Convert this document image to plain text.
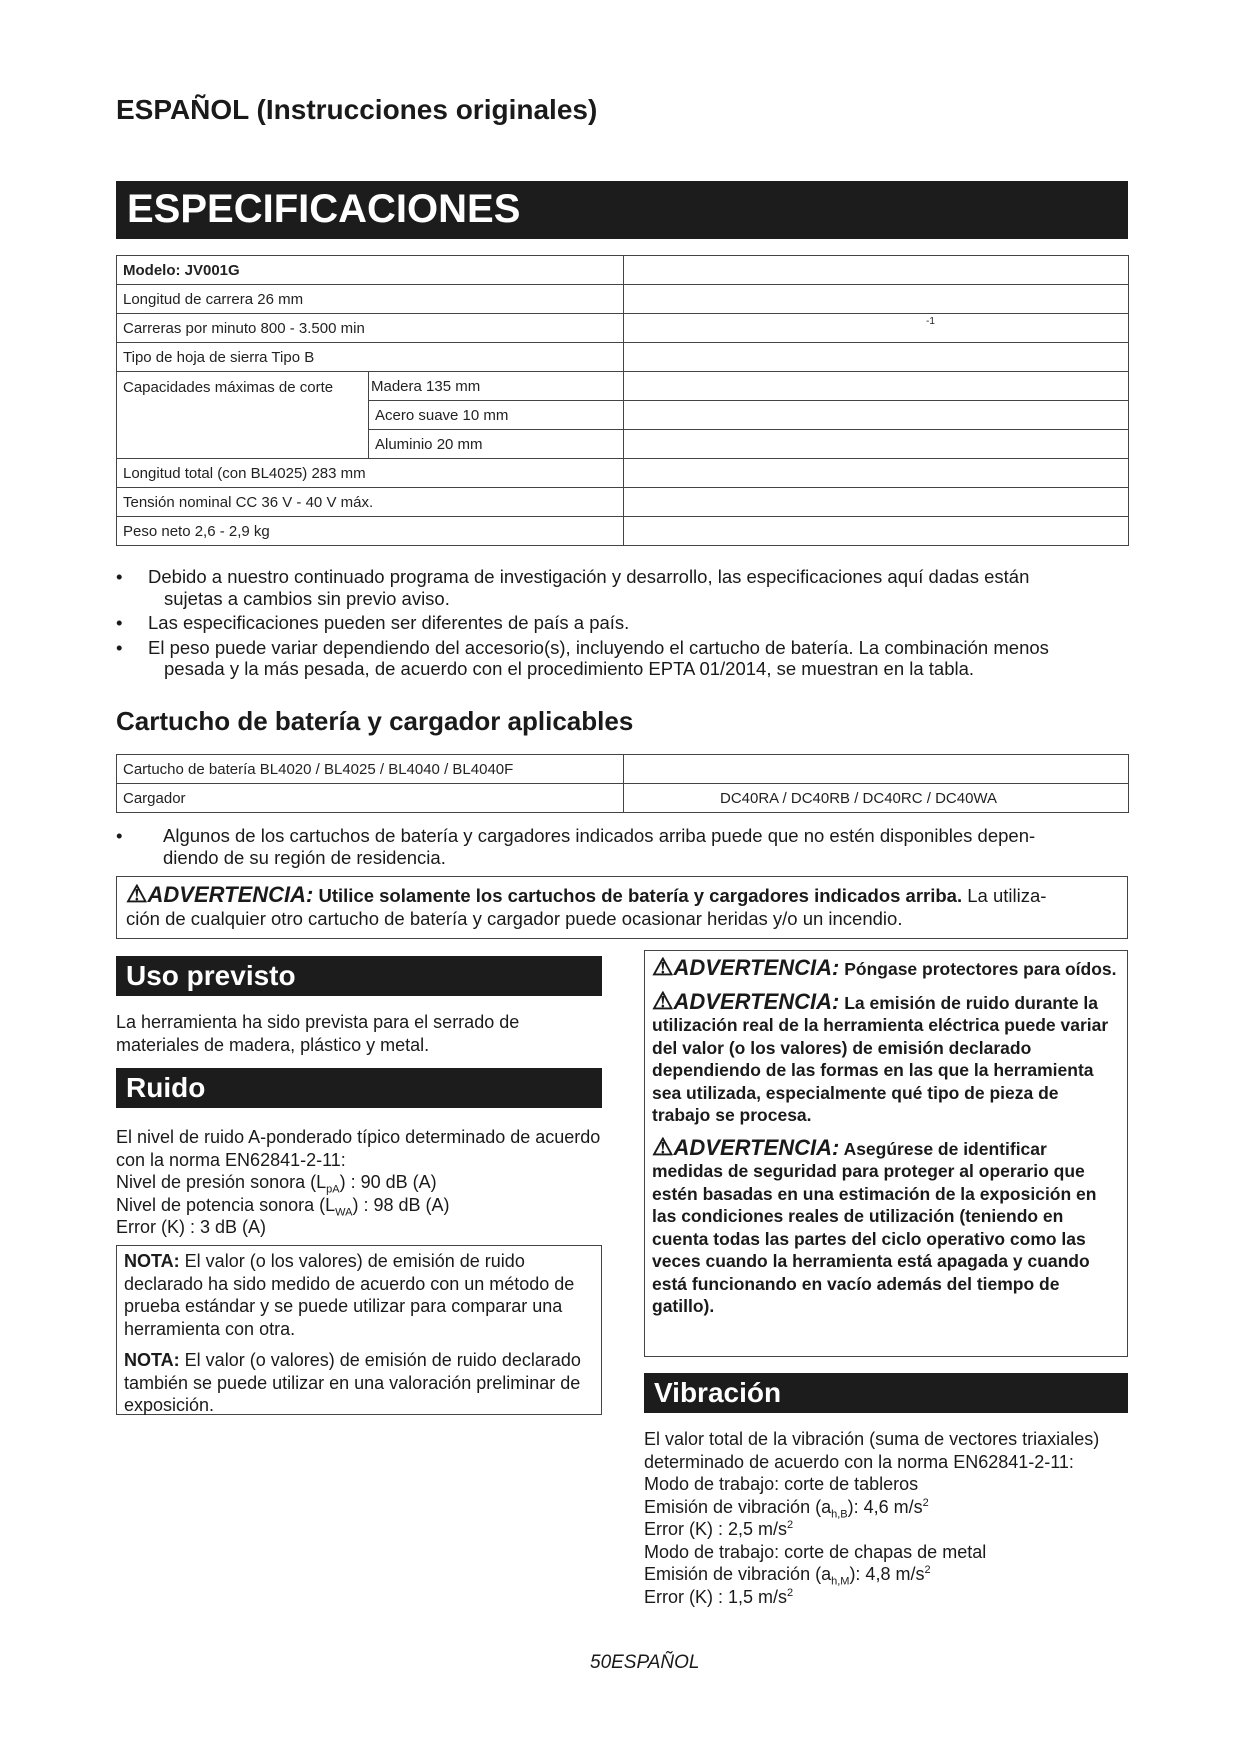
ESPAÑOL (Instrucciones originales)
ESPECIFICACIONES
Modelo: JV001G		
Longitud de carrera 26 mm		
Carreras por minuto 800 - 3.500 min		-1

Tipo de hoja de sierra Tipo B		
Capacidades máximas de corte	Madera 135 mm	
	Acero suave 10 mm	
	Aluminio 20 mm	
Longitud total (con BL4025) 283 mm		
Tensión nominal CC 36 V - 40 V máx.		
Peso neto 2,6 - 2,9 kg		
• Debido a nuestro continuado programa de investigación y desarrollo, las especificaciones aquí dadas están
sujetas a cambios sin previo aviso.
• Las especificaciones pueden ser diferentes de país a país.
• El peso puede variar dependiendo del accesorio(s), incluyendo el cartucho de batería. La combinación menos
pesada y la más pesada, de acuerdo con el procedimiento EPTA 01/2014, se muestran en la tabla.
Cartucho de batería y cargador aplicables
Cartucho de batería BL4020 / BL4025 / BL4040 / BL4040F	
Cargador	DC40RA / DC40RB / DC40RC / DC40WA
• Algunos de los cartuchos de batería y cargadores indicados arriba puede que no estén disponibles depen-
diendo de su región de residencia.
⚠ADVERTENCIA: Utilice solamente los cartuchos de batería y cargadores indicados arriba. La utiliza-
ción de cualquier otro cartucho de batería y cargador puede ocasionar heridas y/o un incendio.
Uso previsto
La herramienta ha sido prevista para el serrado de materiales de madera, plástico y metal.
Ruido
El nivel de ruido A-ponderado típico determinado de acuerdo con la norma EN62841-2-11:
Nivel de presión sonora $(L_{pA})$ : 90 dB (A)
Nivel de potencia sonora $(L_{WA})$ : 98 dB (A)
Error (K) : 3 dB (A)
NOTA: El valor (o los valores) de emisión de ruido declarado ha sido medido de acuerdo con un método de prueba estándar y se puede utilizar para comparar una herramienta con otra.
NOTA: El valor (o valores) de emisión de ruido declarado también se puede utilizar en una valoración preliminar de exposición.
⚠ADVERTENCIA: Póngase protectores para oídos.
⚠ADVERTENCIA: La emisión de ruido durante la utilización real de la herramienta eléctrica puede variar del valor (o los valores) de emisión declarado dependiendo de las formas en las que la herramienta sea utilizada, especialmente qué tipo de pieza de trabajo se procesa.
⚠ADVERTENCIA: Asegúrese de identificar medidas de seguridad para proteger al operario que estén basadas en una estimación de la exposición en las condiciones reales de utilización (teniendo en cuenta todas las partes del ciclo operativo como las veces cuando la herramienta está apagada y cuando está funcionando en vacío además del tiempo de gatillo).
Vibración
El valor total de la vibración (suma de vectores triaxiales) determinado de acuerdo con la norma EN62841-2-11:
Modo de trabajo: corte de tableros
Emisión de vibración $(a_{h,B})$: 4,6 $m/s^2$
Error (K) : 2,5 $m/s^2$
Modo de trabajo: corte de chapas de metal
Emisión de vibración $(a_{h,M})$: 4,8 $m/s^2$
Error (K) : 1,5 $m/s^2$
50ESPAÑOL
